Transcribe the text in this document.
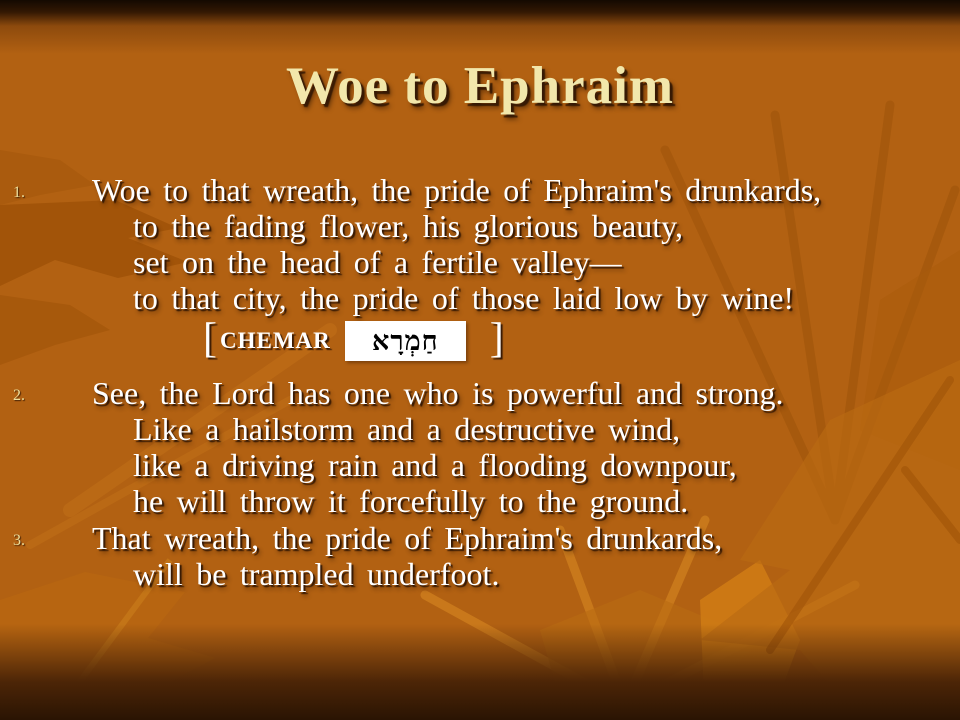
Woe to Ephraim
1. Woe to that wreath, the pride of Ephraim's drunkards,
to the fading flower, his glorious beauty,
set on the head of a fertile valley—
to that city, the pride of those laid low by wine!
[ CHEMAR חַמְרָא ]
2. See, the Lord has one who is powerful and strong.
Like a hailstorm and a destructive wind,
like a driving rain and a flooding downpour,
he will throw it forcefully to the ground.
3. That wreath, the pride of Ephraim's drunkards,
will be trampled underfoot.
